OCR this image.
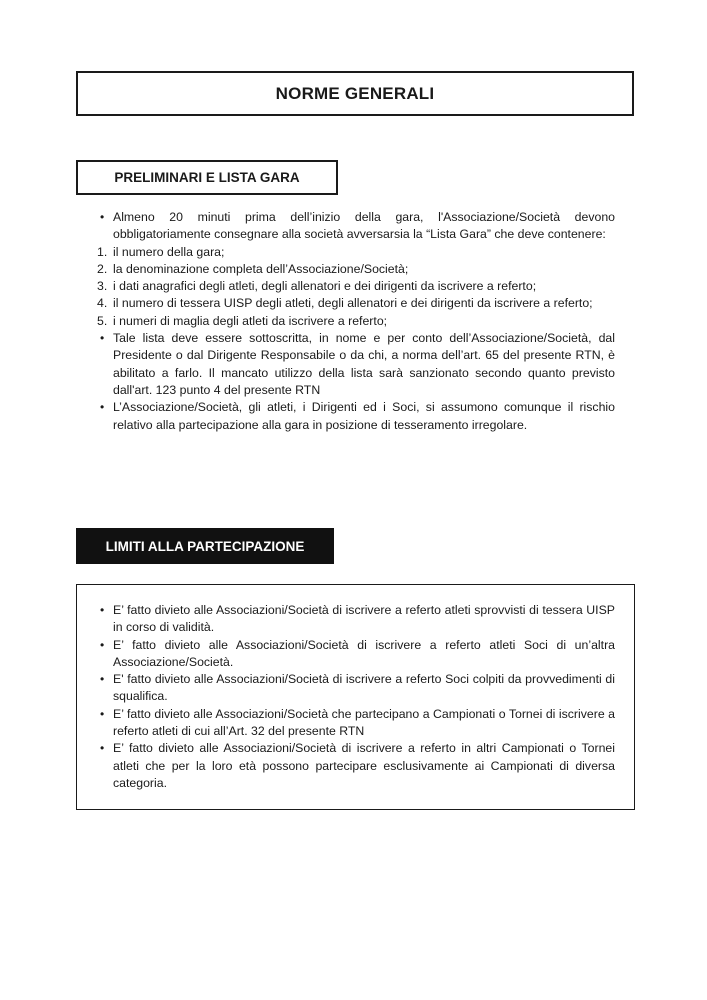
NORME GENERALI
PRELIMINARI E LISTA GARA
• Almeno 20 minuti prima dell’inizio della gara, l'Associazione/Società devono obbligatoriamente consegnare alla società avversarsia la “Lista Gara” che deve contenere:
1. il numero della gara;
2. la denominazione completa dell’Associazione/Società;
3. i dati anagrafici degli atleti, degli allenatori e dei dirigenti da iscrivere a referto;
4. il numero di tessera UISP degli atleti, degli allenatori e dei dirigenti da iscrivere a referto;
5. i numeri di maglia degli atleti da iscrivere a referto;
• Tale lista deve essere sottoscritta, in nome e per conto dell’Associazione/Società, dal Presidente o dal Dirigente Responsabile o da chi, a norma dell’art. 65 del presente RTN, è abilitato a farlo. Il mancato utilizzo della lista sarà sanzionato secondo quanto previsto dall'art. 123 punto 4 del presente RTN
• L’Associazione/Società, gli atleti, i Dirigenti ed i Soci, si assumono comunque il rischio relativo alla partecipazione alla gara in posizione di tesseramento irregolare.
LIMITI ALLA PARTECIPAZIONE
• E’ fatto divieto alle Associazioni/Società di iscrivere a referto atleti sprovvisti di tessera UISP in corso di validità.
• E’ fatto divieto alle Associazioni/Società di iscrivere a referto atleti Soci di un’altra Associazione/Società.
• E' fatto divieto alle Associazioni/Società di iscrivere a referto Soci colpiti da provvedimenti di squalifica.
• E’ fatto divieto alle Associazioni/Società che partecipano a Campionati o Tornei di iscrivere a referto atleti di cui all’Art. 32 del presente RTN
• E’ fatto divieto alle Associazioni/Società di iscrivere a referto in altri Campionati o Tornei atleti che per la loro età possono partecipare esclusivamente ai Campionati di diversa categoria.
